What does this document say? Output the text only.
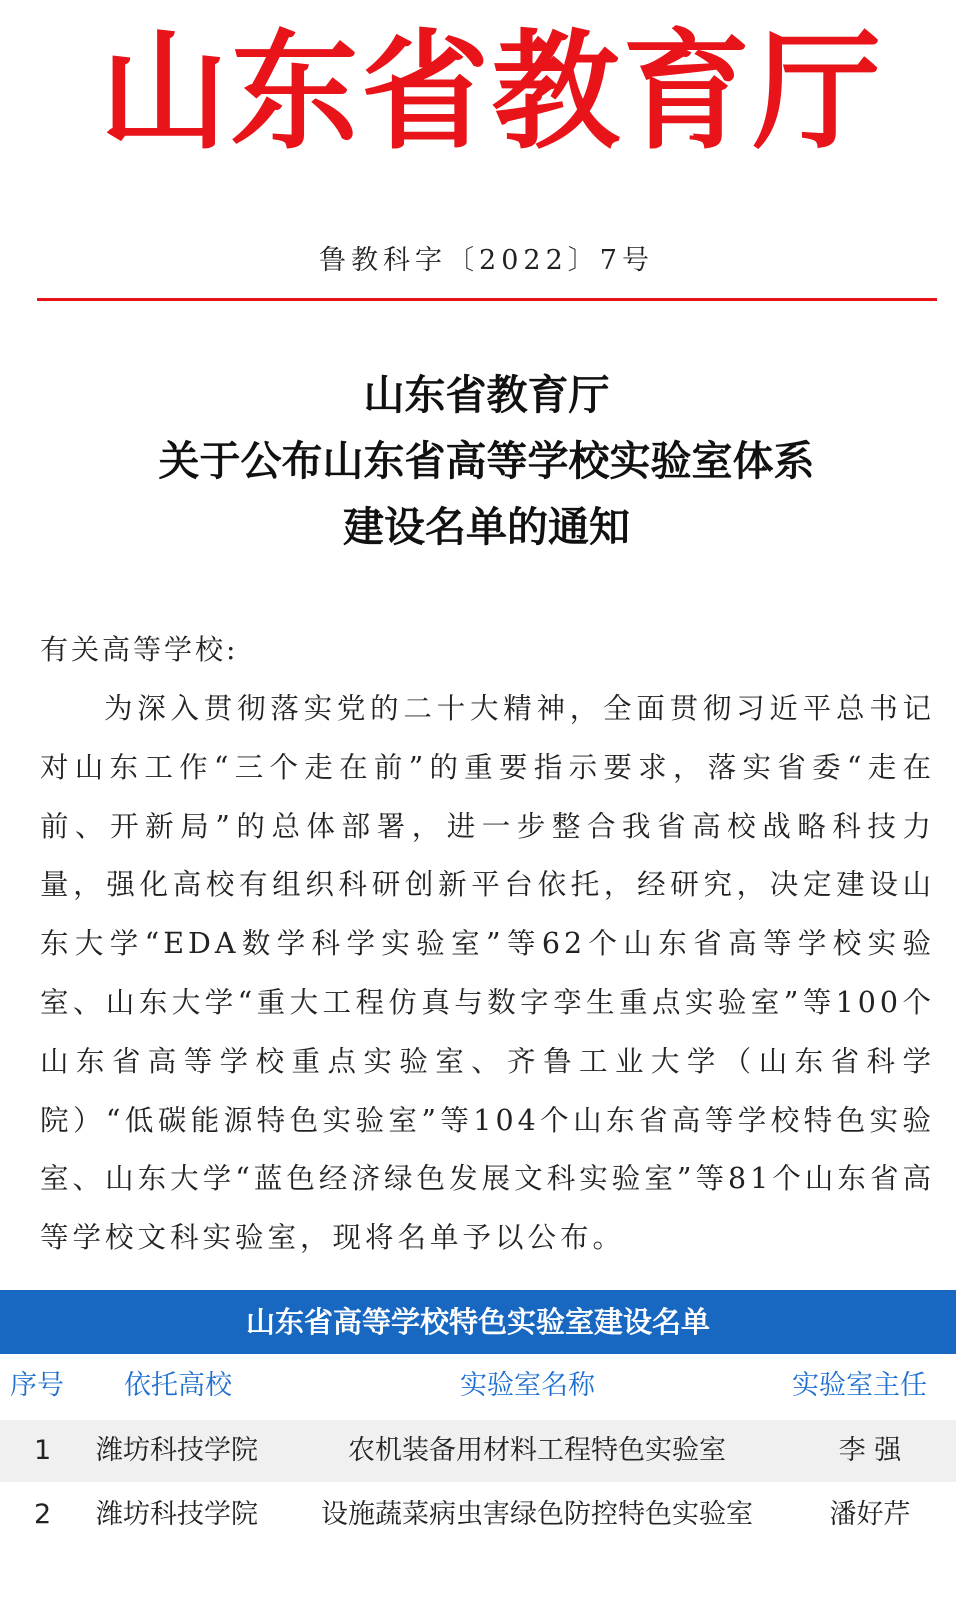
山 东 省 教 育 厅
鲁教科字〔2022〕7号
山东省教育厅
关于公布山东省高等学校实验室体系
建设名单的通知
有关高等学校:
为深入贯彻落实党的二十大精神，全面贯彻习近平总书记对山东工作“三个走在前”的重要指示要求，落实省委“走在前、开新局”的总体部署，进一步整合我省高校战略科技力量，强化高校有组织科研创新平台依托，经研究，决定建设山东大学“EDA数学科学实验室”等62个山东省高等学校实验室、山东大学“重大工程仿真与数字孪生重点实验室”等100个山东省高等学校重点实验室、齐鲁工业大学（山东省科学院）“低碳能源特色实验室”等104个山东省高等学校特色实验室、山东大学“蓝色经济绿色发展文科实验室”等81个山东省高等学校文科实验室，现将名单予以公布。
山东省高等学校特色实验室建设名单
序号 依托高校	实验室名称	实验室主任
1 潍坊科技学院	农机装备用材料工程特色实验室	李 强
2 潍坊科技学院	设施蔬菜病虫害绿色防控特色实验室	潘好芹
